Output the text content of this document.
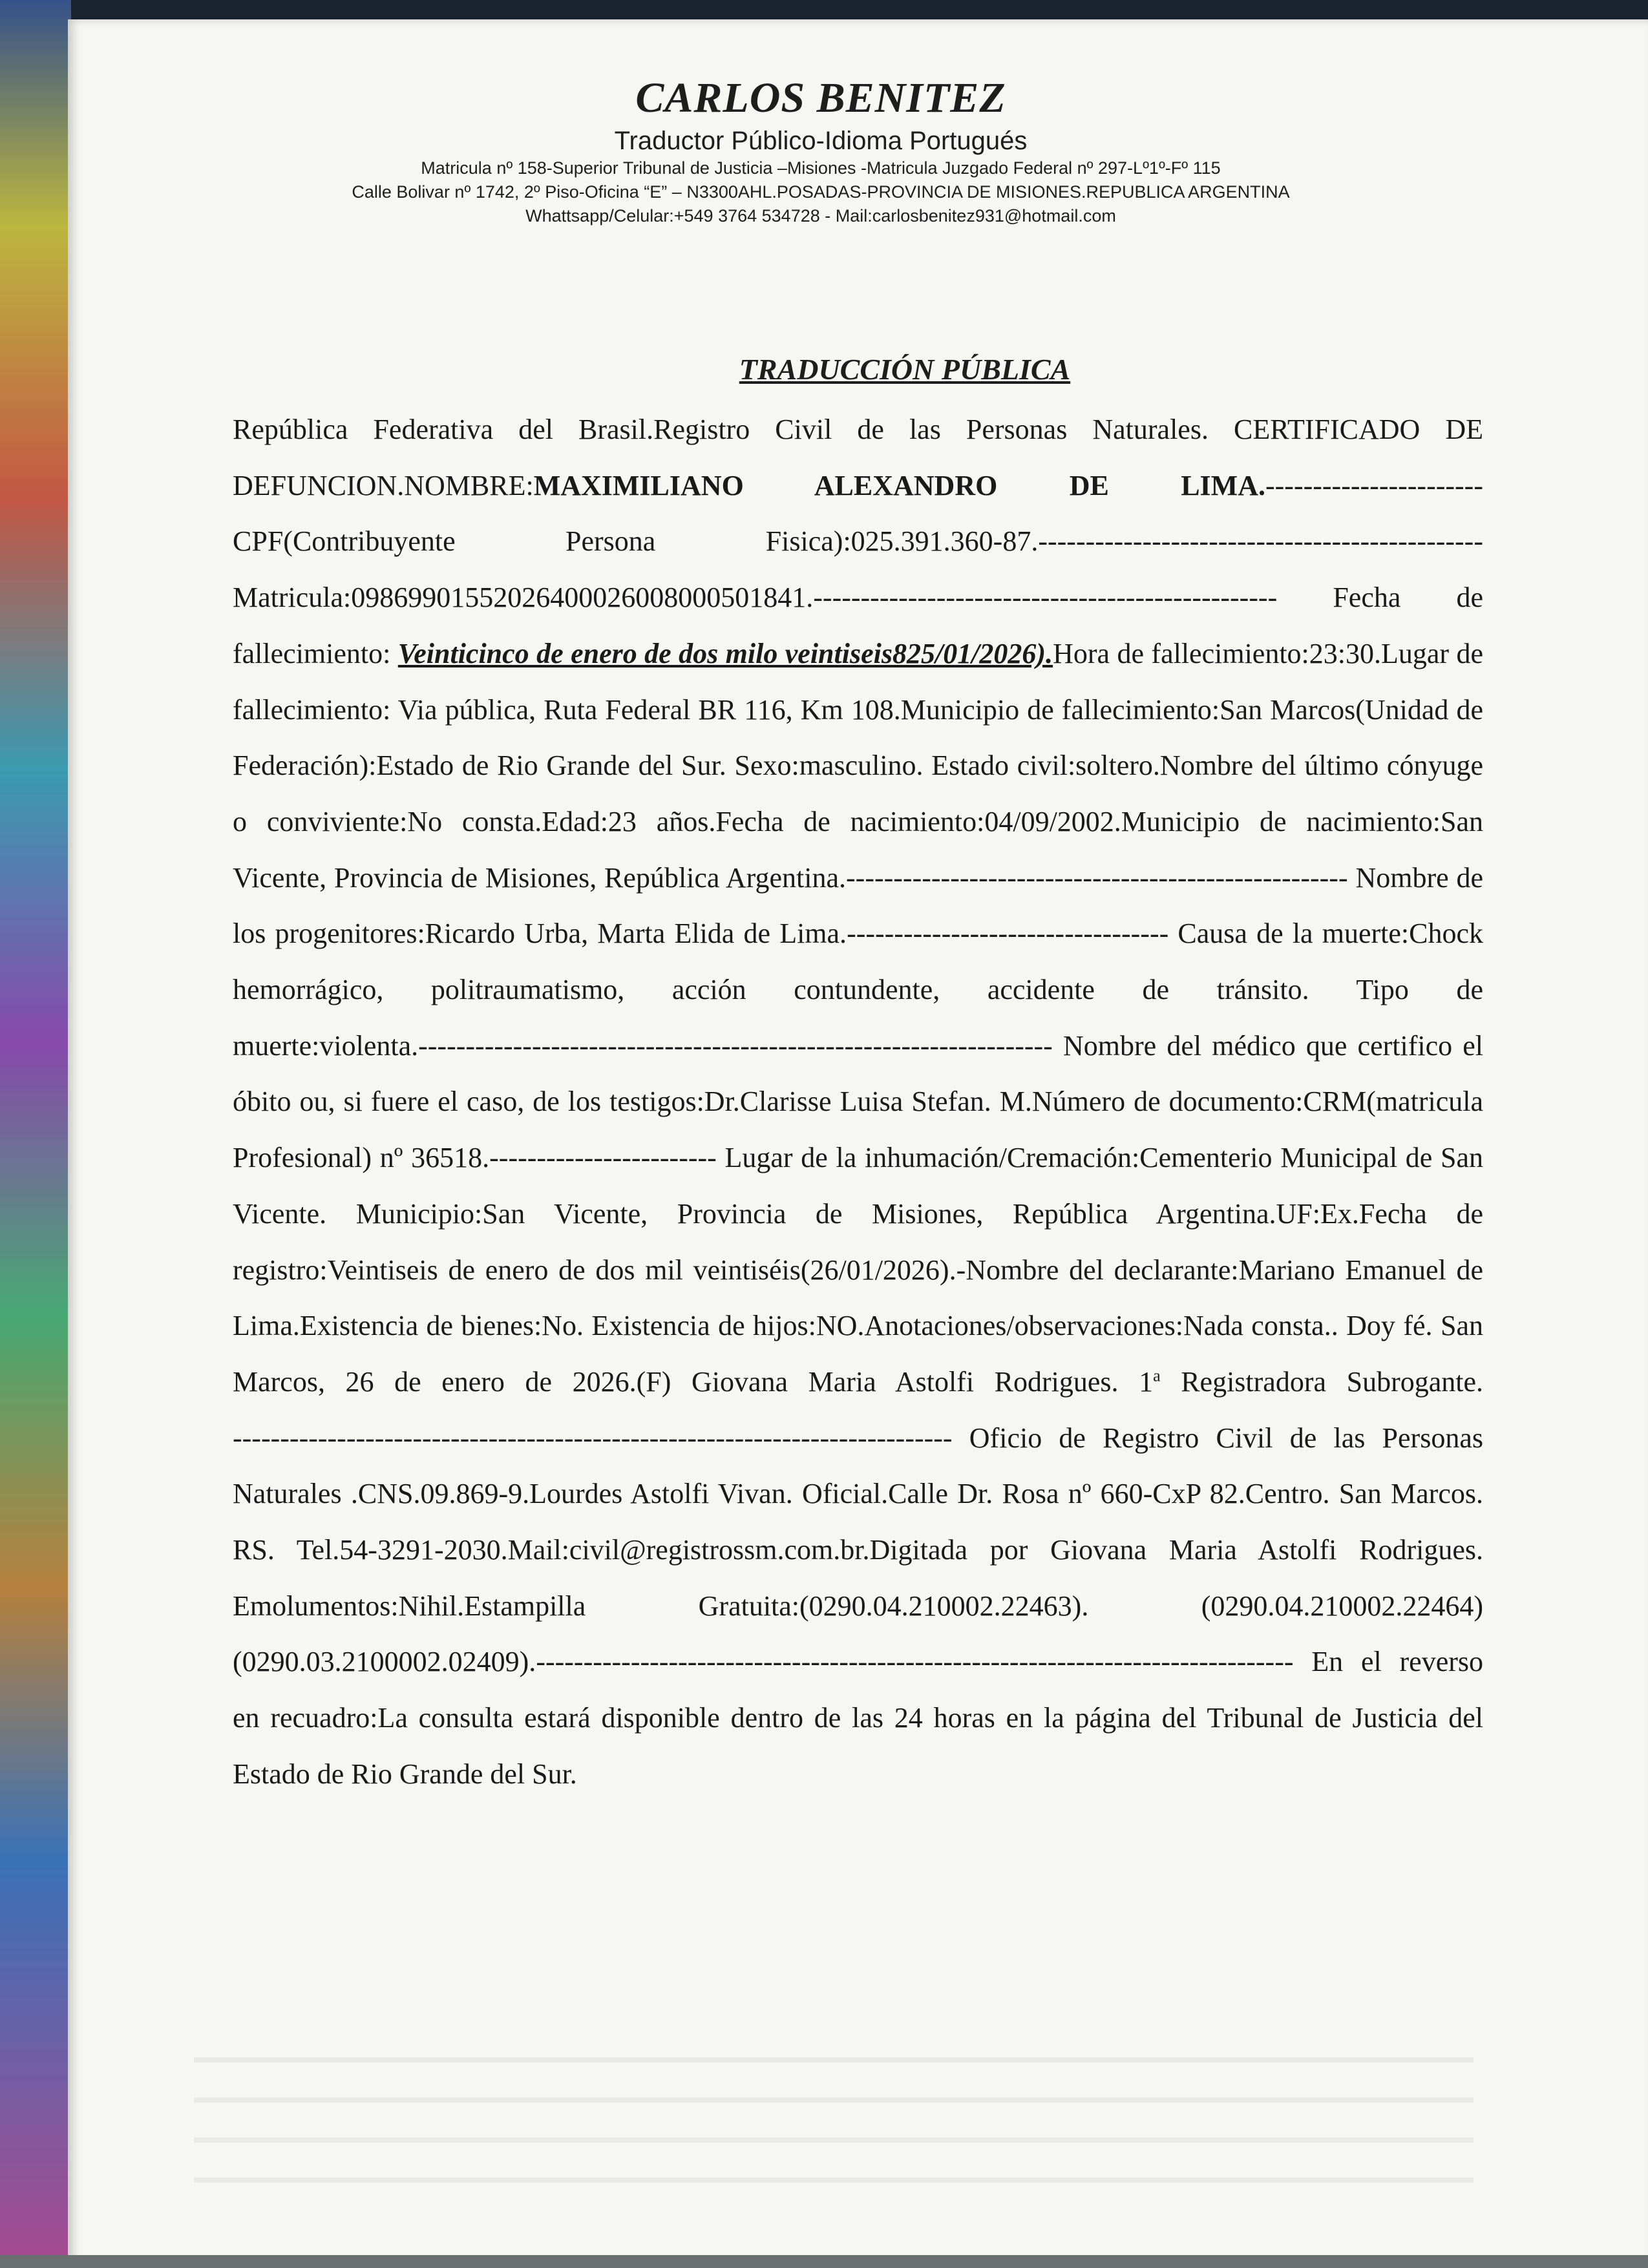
CARLOS BENITEZ
Traductor Público-Idioma Portugués
Matricula nº 158-Superior Tribunal de Justicia –Misiones -Matricula Juzgado Federal nº 297-Lº1º-Fº 115
Calle Bolivar nº 1742, 2º Piso-Oficina “E” – N3300AHL.POSADAS-PROVINCIA DE MISIONES.REPUBLICA ARGENTINA
Whattsapp/Celular:+549 3764 534728 - Mail:carlosbenitez931@hotmail.com
TRADUCCIÓN PÚBLICA
República Federativa del Brasil.Registro Civil de las Personas Naturales. CERTIFICADO DE DEFUNCION.NOMBRE:MAXIMILIANO ALEXANDRO DE LIMA.----------------------- CPF(Contribuyente Persona Fisica):025.391.360-87.----------------------------------------------- Matricula:09869901552026400026008000501841.------------------------------------------------- Fecha de fallecimiento: Veinticinco de enero de dos milo veintiseis825/01/2026).Hora de fallecimiento:23:30.Lugar de fallecimiento: Via pública, Ruta Federal BR 116, Km 108.Municipio de fallecimiento:San Marcos(Unidad de Federación):Estado de Rio Grande del Sur. Sexo:masculino. Estado civil:soltero.Nombre del último cónyuge o conviviente:No consta.Edad:23 años.Fecha de nacimiento:04/09/2002.Municipio de nacimiento:San Vicente, Provincia de Misiones, República Argentina.----------------------------------------------------- Nombre de los progenitores:Ricardo Urba, Marta Elida de Lima.---------------------------------- Causa de la muerte:Chock hemorrágico, politraumatismo, acción contundente, accidente de tránsito. Tipo de muerte:violenta.------------------------------------------------------------------- Nombre del médico que certifico el óbito ou, si fuere el caso, de los testigos:Dr.Clarisse Luisa Stefan. M.Número de documento:CRM(matricula Profesional) nº 36518.------------------------ Lugar de la inhumación/Cremación:Cementerio Municipal de San Vicente. Municipio:San Vicente, Provincia de Misiones, República Argentina.UF:Ex.Fecha de registro:Veintiseis de enero de dos mil veintiséis(26/01/2026).-Nombre del declarante:Mariano Emanuel de Lima.Existencia de bienes:No. Existencia de hijos:NO.Anotaciones/observaciones:Nada consta.. Doy fé. San Marcos, 26 de enero de 2026.(F) Giovana Maria Astolfi Rodrigues. 1$^a$ Registradora Subrogante. ---------------------------------------------------------------------------- Oficio de Registro Civil de las Personas Naturales .CNS.09.869-9.Lourdes Astolfi Vivan. Oficial.Calle Dr. Rosa nº 660-CxP 82.Centro. San Marcos. RS. Tel.54-3291-2030.Mail:civil@registrossm.com.br.Digitada por Giovana Maria Astolfi Rodrigues. Emolumentos:Nihil.Estampilla Gratuita:(0290.04.210002.22463). (0290.04.210002.22464) (0290.03.2100002.02409).-------------------------------------------------------------------------------- En el reverso en recuadro:La consulta estará disponible dentro de las 24 horas en la página del Tribunal de Justicia del Estado de Rio Grande del Sur.
